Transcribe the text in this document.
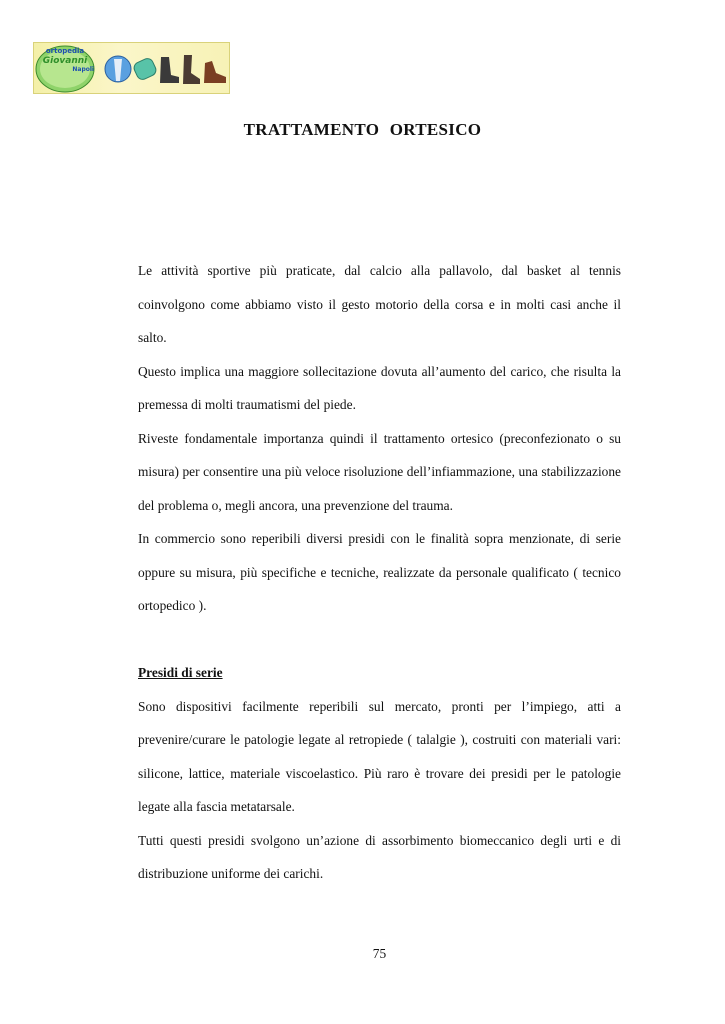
ortopedia
Giovanni
Napoli
TRATTAMENTO ORTESICO

Le attività sportive più praticate, dal calcio alla pallavolo, dal basket al tennis coinvolgono come abbiamo visto il gesto motorio della corsa e in molti casi anche il salto.

Questo implica una maggiore sollecitazione dovuta all’aumento del carico, che risulta la premessa di molti traumatismi del piede.

Riveste fondamentale importanza quindi il trattamento ortesico (preconfezionato o su misura) per consentire una più veloce risoluzione dell’infiammazione, una stabilizzazione del problema o, megli ancora, una prevenzione del trauma.

In commercio sono reperibili diversi presidi con le finalità sopra menzionate, di serie oppure su misura, più specifiche e tecniche, realizzate da personale qualificato ( tecnico ortopedico ).

Presidi di serie

Sono dispositivi facilmente reperibili sul mercato, pronti per l’impiego, atti a prevenire/curare le patologie legate al retropiede ( talalgie ), costruiti con materiali vari: silicone, lattice, materiale viscoelastico. Più raro è trovare dei presidi per le patologie legate alla fascia metatarsale.

Tutti questi presidi svolgono un’azione di assorbimento biomeccanico degli urti e di distribuzione uniforme dei carichi.

75
